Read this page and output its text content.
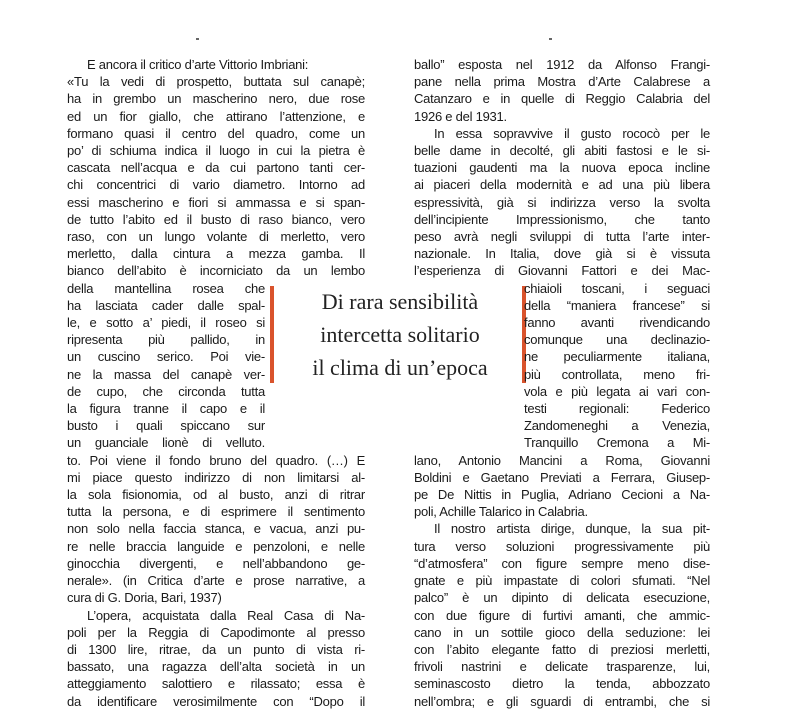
E ancora il critico d’arte Vittorio Imbriani:

«Tu la vedi di prospetto, buttata sul canapè;
ha in grembo un mascherino nero, due rose
ed un fior giallo, che attirano l’attenzione, e
formano quasi il centro del quadro, come un
po’ di schiuma indica il luogo in cui la pietra è
cascata nell’acqua e da cui partono tanti cer-
chi concentrici di vario diametro. Intorno ad
essi mascherino e fiori si ammassa e si span-
de tutto l’abito ed il busto di raso bianco, vero
raso, con un lungo volante di merletto, vero
merletto, dalla cintura a mezza gamba. Il
bianco dell’abito è incorniciato da un lembo
della mantellina rosea che
ha lasciata cader dalle spal-
le, e sotto a’ piedi, il roseo si
ripresenta più pallido, in
un cuscino serico. Poi vie-
ne la massa del canapè ver-
de cupo, che circonda tutta
la figura tranne il capo e il
busto i quali spiccano sur
un guanciale lionè di velluto.
to. Poi viene il fondo bruno del quadro. (…) E
mi piace questo indirizzo di non limitarsi al-
la sola fisionomia, od al busto, anzi di ritrar
tutta la persona, e di esprimere il sentimento
non solo nella faccia stanca, e vacua, anzi pu-
re nelle braccia languide e penzoloni, e nelle
ginocchia divergenti, e nell’abbandono ge-
nerale». (in Critica d’arte e prose narrative, a
cura di G. Doria, Bari, 1937)

L’opera, acquistata dalla Real Casa di Na-
poli per la Reggia di Capodimonte al presso
di 1300 lire, ritrae, da un punto di vista ri-
bassato, una ragazza dell’alta società in un
atteggiamento salottiero e rilassato; essa è
da identificare verosimilmente con “Dopo il

Di rara sensibilità
intercetta solitario
il clima di un’epoca

ballo” esposta nel 1912 da Alfonso Frangi-
pane nella prima Mostra d’Arte Calabrese a
Catanzaro e in quelle di Reggio Calabria del
1926 e del 1931.

In essa sopravvive il gusto rococò per le
belle dame in decolté, gli abiti fastosi e le si-
tuazioni gaudenti ma la nuova epoca incline
ai piaceri della modernità e ad una più libera
espressività, già si indirizza verso la svolta
dell’incipiente Impressionismo, che tanto
peso avrà negli sviluppi di tutta l’arte inter-
nazionale. In Italia, dove già si è vissuta
l’esperienza di Giovanni Fattori e dei Mac-
chiaioli toscani, i seguaci
della “maniera francese” si
fanno avanti rivendicando
comunque una declinazio-
ne peculiarmente italiana,
più controllata, meno fri-
vola e più legata ai vari con-
testi regionali: Federico
Zandomeneghi a Venezia,
Tranquillo Cremona a Mi-
lano, Antonio Mancini a Roma, Giovanni
Boldini e Gaetano Previati a Ferrara, Giusep-
pe De Nittis in Puglia, Adriano Cecioni a Na-
poli, Achille Talarico in Calabria.

Il nostro artista dirige, dunque, la sua pit-
tura verso soluzioni progressivamente più
“d’atmosfera” con figure sempre meno dise-
gnate e più impastate di colori sfumati. “Nel
palco” è un dipinto di delicata esecuzione,
con due figure di furtivi amanti, che ammic-
cano in un sottile gioco della seduzione: lei
con l’abito elegante fatto di preziosi merletti,
frivoli nastrini e delicate trasparenze, lui,
seminascosto dietro la tenda, abbozzato
nell’ombra; e gli sguardi di entrambi, che si
